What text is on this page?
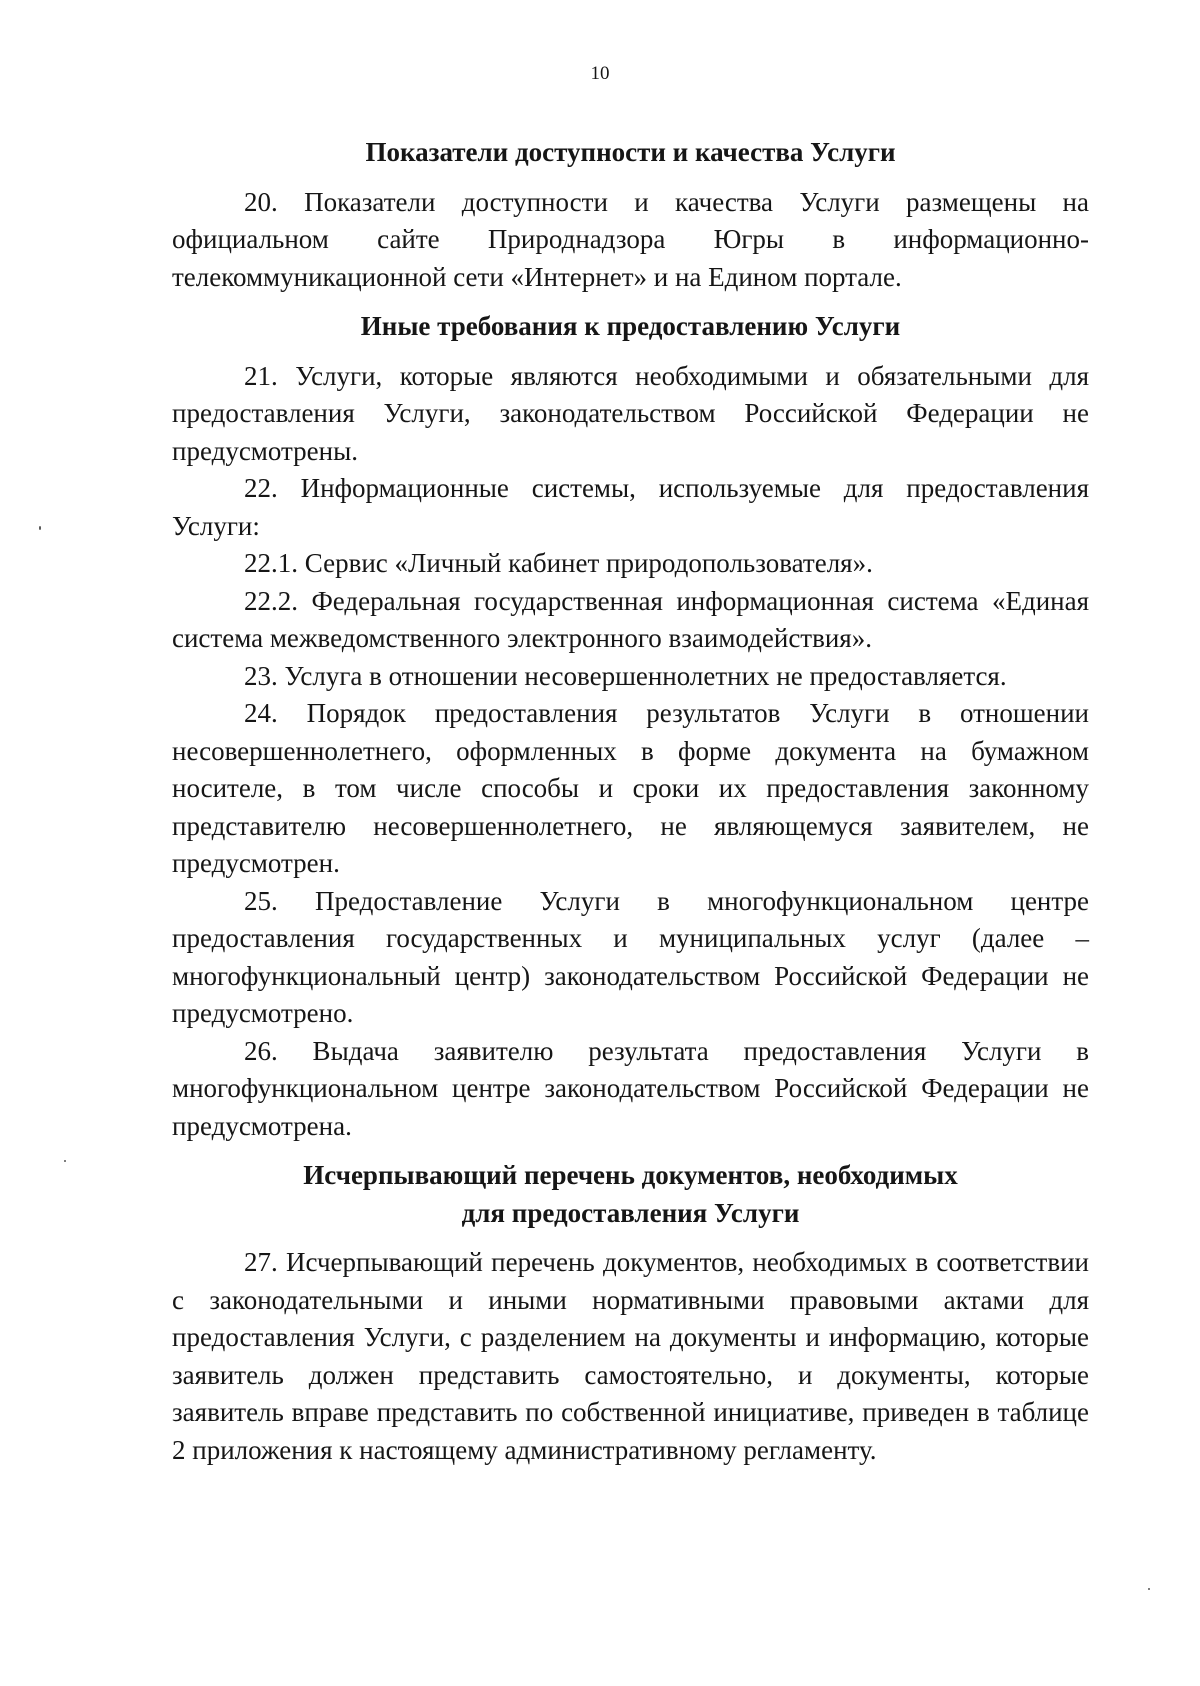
10
Показатели доступности и качества Услуги

20. Показатели доступности и качества Услуги размещены на официальном сайте Природнадзора Югры в информационно-телекоммуникационной сети «Интернет» и на Едином портале.

Иные требования к предоставлению Услуги

21. Услуги, которые являются необходимыми и обязательными для предоставления Услуги, законодательством Российской Федерации не предусмотрены.

22. Информационные системы, используемые для предоставления Услуги:

22.1. Сервис «Личный кабинет природопользователя».

22.2. Федеральная государственная информационная система «Единая система межведомственного электронного взаимодействия».

23. Услуга в отношении несовершеннолетних не предоставляется.

24. Порядок предоставления результатов Услуги в отношении несовершеннолетнего, оформленных в форме документа на бумажном носителе, в том числе способы и сроки их предоставления законному представителю несовершеннолетнего, не являющемуся заявителем, не предусмотрен.

25. Предоставление Услуги в многофункциональном центре предоставления государственных и муниципальных услуг (далее – многофункциональный центр) законодательством Российской Федерации не предусмотрено.

26. Выдача заявителю результата предоставления Услуги в многофункциональном центре законодательством Российской Федерации не предусмотрена.

Исчерпывающий перечень документов, необходимых
для предоставления Услуги

27. Исчерпывающий перечень документов, необходимых в соответствии с законодательными и иными нормативными правовыми актами для предоставления Услуги, с разделением на документы и информацию, которые заявитель должен представить самостоятельно, и документы, которые заявитель вправе представить по собственной инициативе, приведен в таблице 2 приложения к настоящему административному регламенту.
